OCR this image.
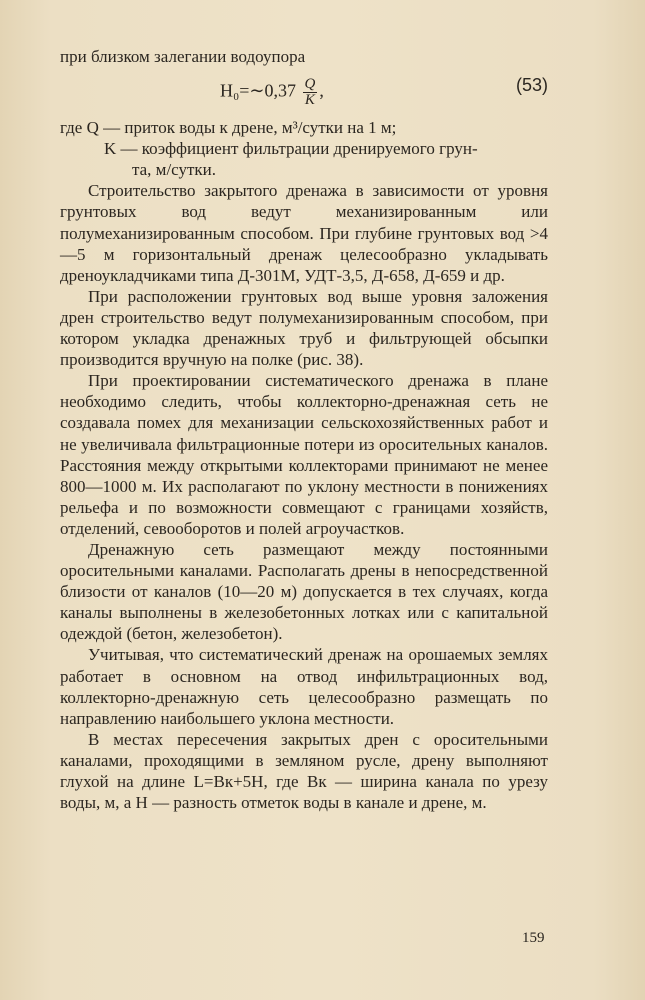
при близком залегании водоупора

H₀=∼0,37 $\frac{Q}{K}$ ,	(53)
где Q — приток воды к дрене, м³/сутки на 1 м;
K — коэффициент фильтрации дренируемого грун-
та, м/сутки.

Строительство закрытого дренажа в зависимости от уровня грунтовых вод ведут механизированным или полумеханизированным способом. При глубине грунтовых вод >4—5 м горизонтальный дренаж целесообразно укладывать дреноукладчиками типа Д-301М, УДТ-3,5, Д-658, Д-659 и др.

При расположении грунтовых вод выше уровня заложения дрен строительство ведут полумеханизированным способом, при котором укладка дренажных труб и фильтрующей обсыпки производится вручную на полке (рис. 38).

При проектировании систематического дренажа в плане необходимо следить, чтобы коллекторно-дренажная сеть не создавала помех для механизации сельскохозяйственных работ и не увеличивала фильтрационные потери из оросительных каналов. Расстояния между открытыми коллекторами принимают не менее 800—1000 м. Их располагают по уклону местности в понижениях рельефа и по возможности совмещают с границами хозяйств, отделений, севооборотов и полей агроучастков.

Дренажную сеть размещают между постоянными оросительными каналами. Располагать дрены в непосредственной близости от каналов (10—20 м) допускается в тех случаях, когда каналы выполнены в железобетонных лотках или с капитальной одеждой (бетон, железобетон).

Учитывая, что систематический дренаж на орошаемых землях работает в основном на отвод инфильтрационных вод, коллекторно-дренажную сеть целесообразно размещать по направлению наибольшего уклона местности.

В местах пересечения закрытых дрен с оросительными каналами, проходящими в земляном русле, дрену выполняют глухой на длине L=Bк+5H, где Bк — ширина канала по урезу воды, м, а H — разность отметок воды в канале и дрене, м.

159
